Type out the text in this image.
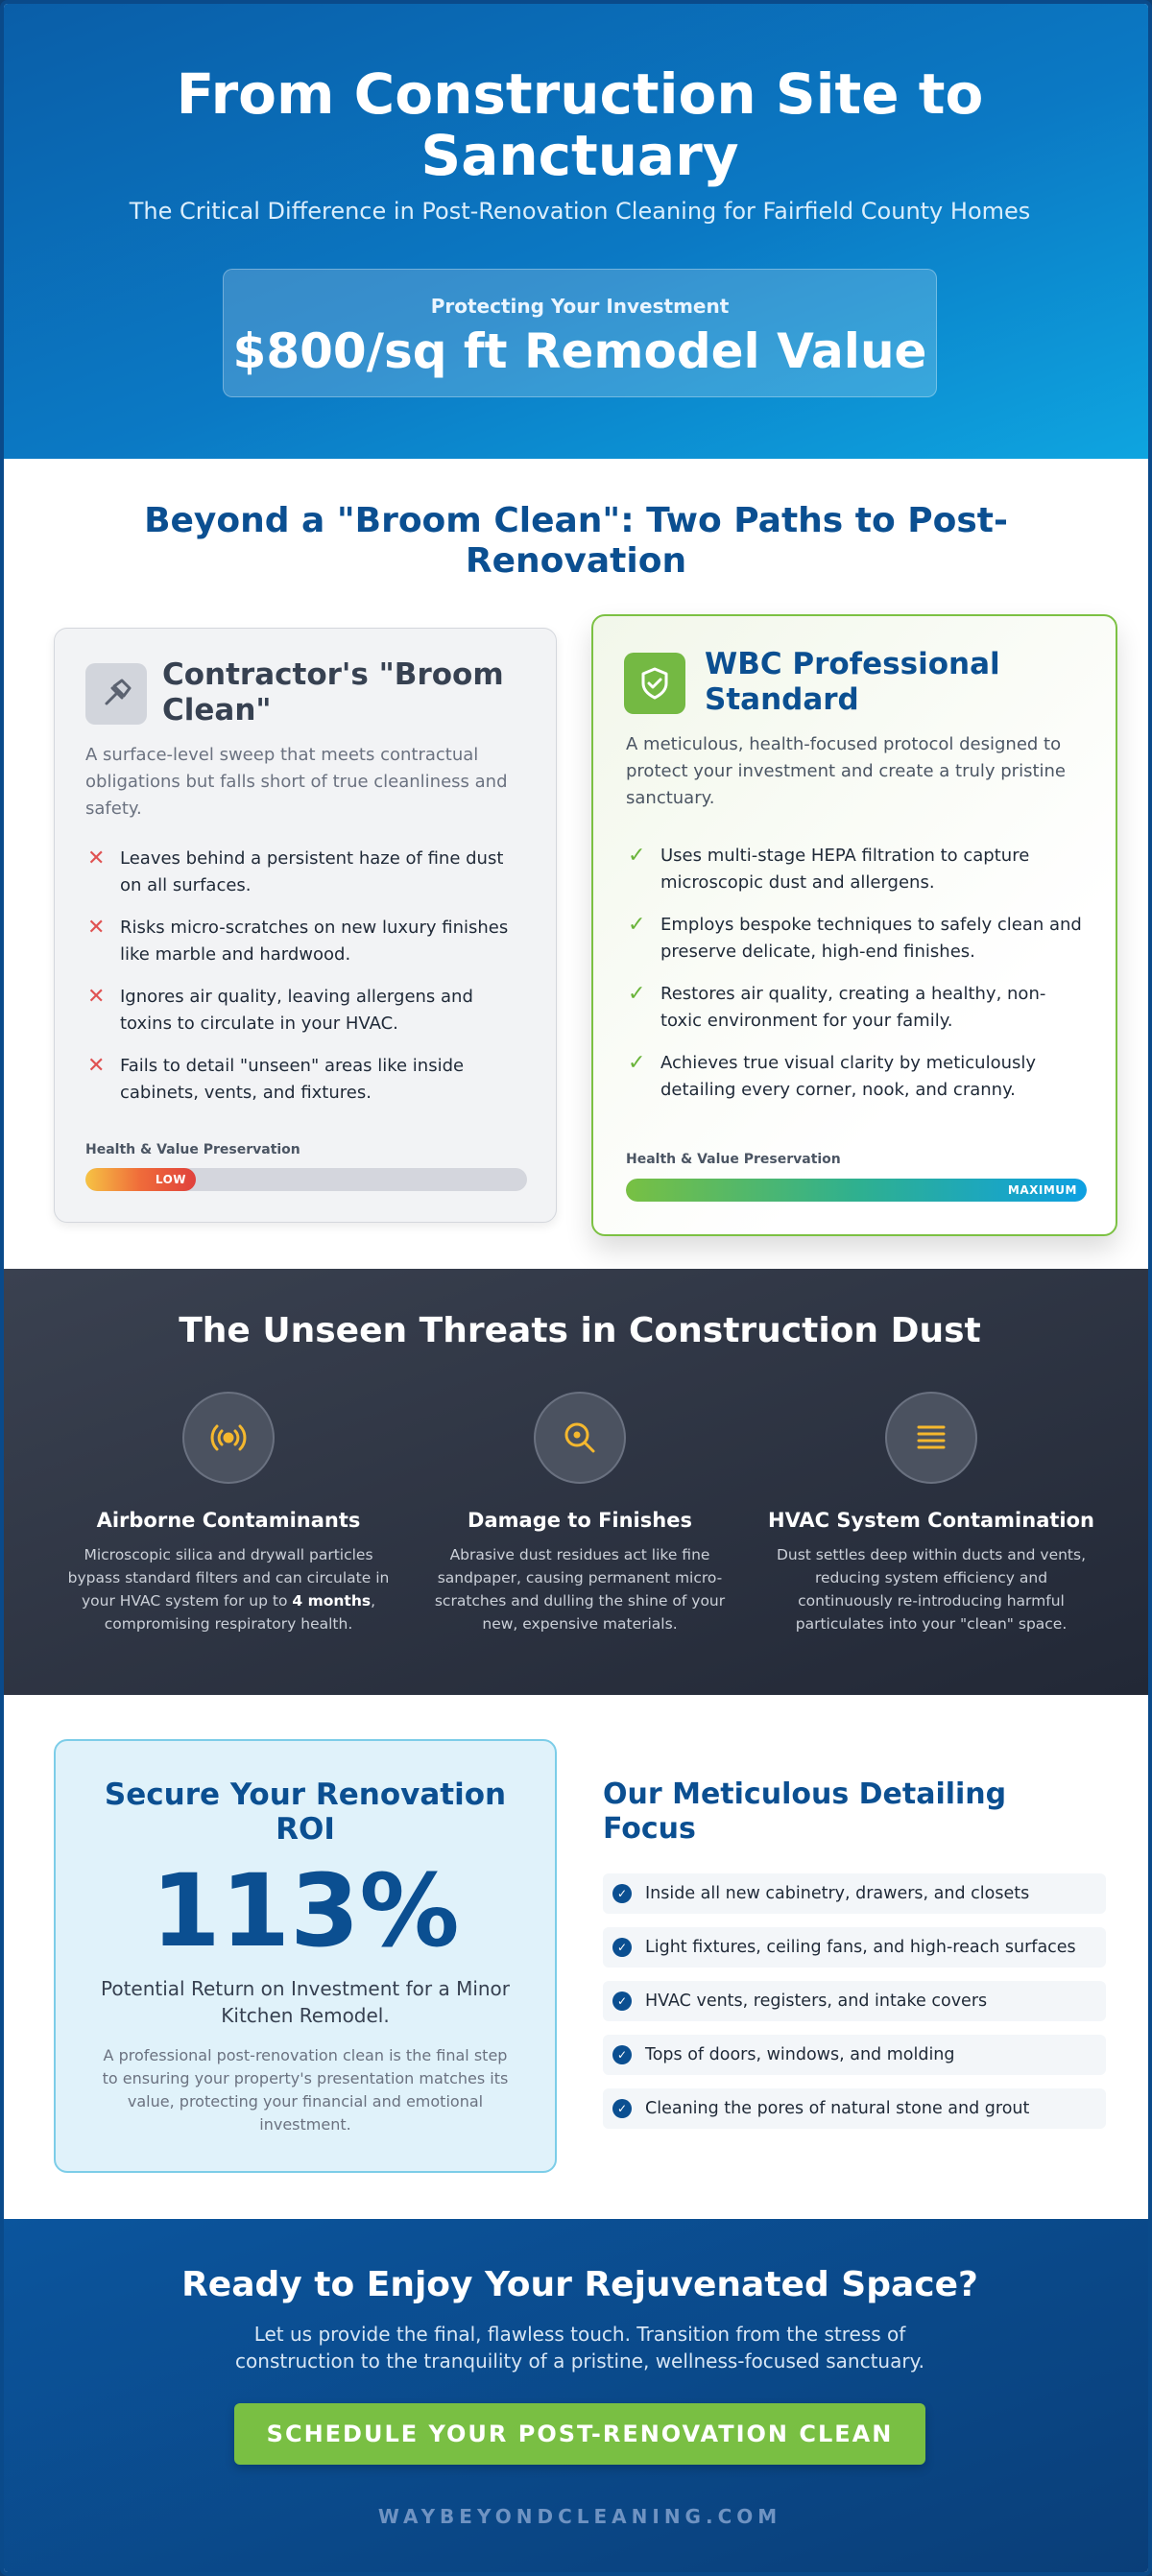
From Construction Site to Sanctuary
The Critical Difference in Post-Renovation Cleaning for Fairfield County Homes
Protecting Your Investment
$800/sq ft Remodel Value
Beyond a "Broom Clean": Two Paths to Post-Renovation
Contractor's "Broom Clean"

A surface-level sweep that meets contractual obligations but falls short of true cleanliness and safety.

✕ Leaves behind a persistent haze of fine dust on all surfaces.
✕ Risks micro-scratches on new luxury finishes like marble and hardwood.
✕ Ignores air quality, leaving allergens and toxins to circulate in your HVAC.
✕ Fails to detail "unseen" areas like inside cabinets, vents, and fixtures.
Health & Value Preservation
LOW
WBC Professional Standard

A meticulous, health-focused protocol designed to protect your investment and create a truly pristine sanctuary.

✓ Uses multi-stage HEPA filtration to capture microscopic dust and allergens.
✓ Employs bespoke techniques to safely clean and preserve delicate, high-end finishes.
✓ Restores air quality, creating a healthy, non-toxic environment for your family.
✓ Achieves true visual clarity by meticulously detailing every corner, nook, and cranny.
Health & Value Preservation
MAXIMUM
The Unseen Threats in Construction Dust
Airborne Contaminants

Microscopic silica and drywall particles bypass standard filters and can circulate in your HVAC system for up to 4 months, compromising respiratory health.

Damage to Finishes

Abrasive dust residues act like fine sandpaper, causing permanent micro-scratches and dulling the shine of your new, expensive materials.

HVAC System Contamination

Dust settles deep within ducts and vents, reducing system efficiency and continuously re-introducing harmful particulates into your "clean" space.

Secure Your Renovation ROI
113%
Potential Return on Investment for a Minor Kitchen Remodel.
A professional post-renovation clean is the final step to ensuring your property's presentation matches its value, protecting your financial and emotional investment.
Our Meticulous Detailing Focus
✓ Inside all new cabinetry, drawers, and closets
✓ Light fixtures, ceiling fans, and high-reach surfaces
✓ HVAC vents, registers, and intake covers
✓ Tops of doors, windows, and molding
✓ Cleaning the pores of natural stone and grout
Ready to Enjoy Your Rejuvenated Space?

Let us provide the final, flawless touch. Transition from the stress of construction to the tranquility of a pristine, wellness-focused sanctuary.

SCHEDULE YOUR POST-RENOVATION CLEAN
WAYBEYONDCLEANING.COM
